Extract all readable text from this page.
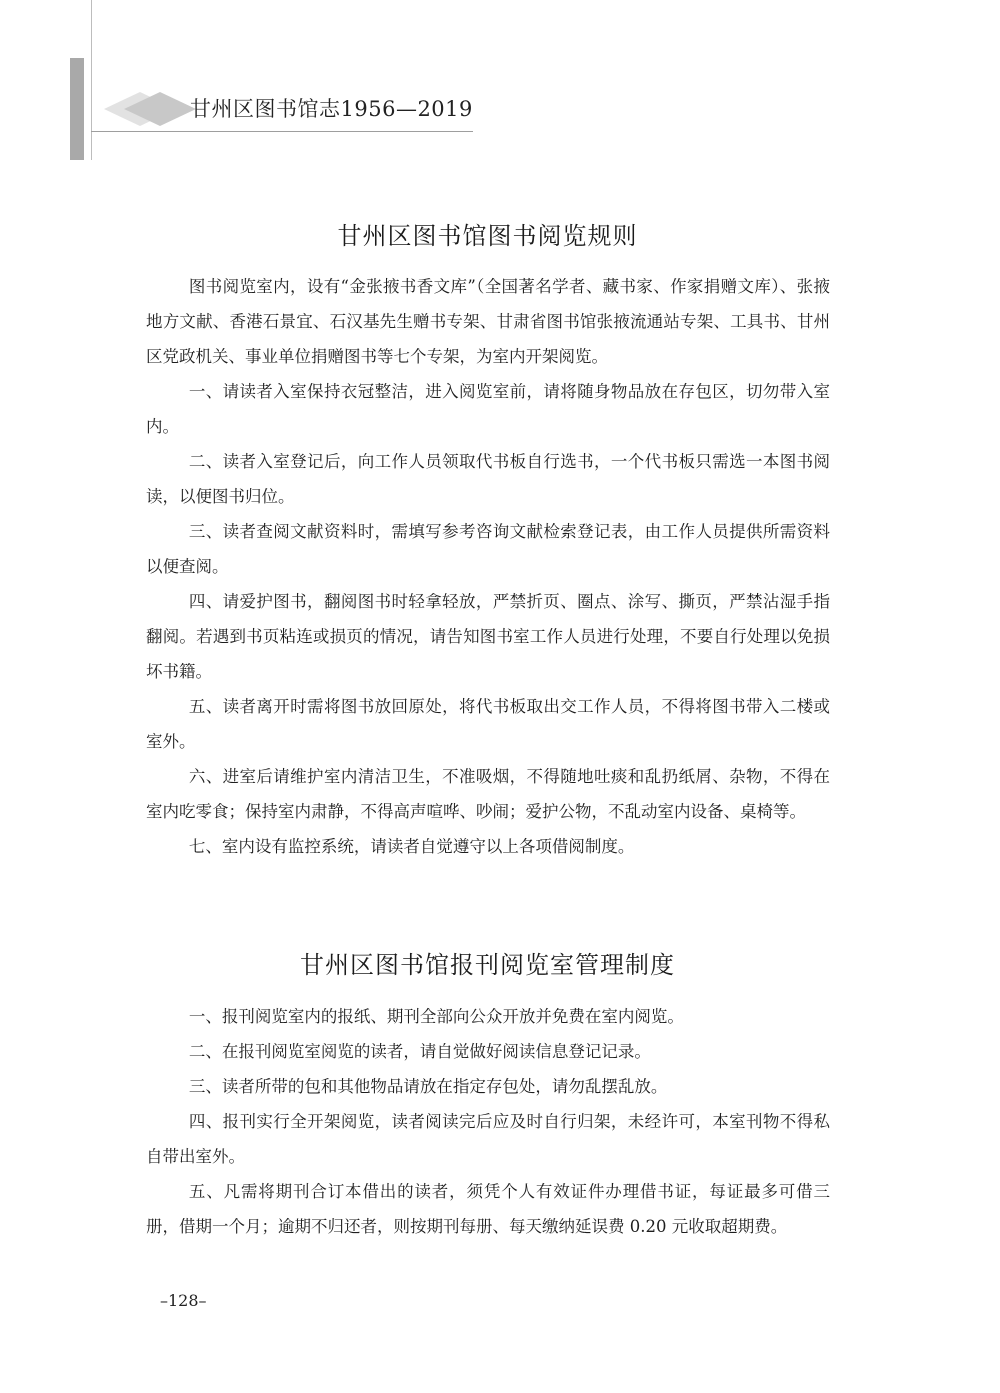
甘州区图书馆志1956—2019
甘州区图书馆图书阅览规则

图书阅览室内，设有“金张掖书香文库”（全国著名学者、藏书家、作家捐赠文库）、张掖地方文献、香港石景宜、石汉基先生赠书专架、甘肃省图书馆张掖流通站专架、工具书、甘州区党政机关、事业单位捐赠图书等七个专架，为室内开架阅览。

一、请读者入室保持衣冠整洁，进入阅览室前，请将随身物品放在存包区，切勿带入室内。

二、读者入室登记后，向工作人员领取代书板自行选书，一个代书板只需选一本图书阅读，以便图书归位。

三、读者查阅文献资料时，需填写参考咨询文献检索登记表，由工作人员提供所需资料以便查阅。

四、请爱护图书，翻阅图书时轻拿轻放，严禁折页、圈点、涂写、撕页，严禁沾湿手指翻阅。若遇到书页粘连或损页的情况，请告知图书室工作人员进行处理，不要自行处理以免损坏书籍。

五、读者离开时需将图书放回原处，将代书板取出交工作人员，不得将图书带入二楼或室外。

六、进室后请维护室内清洁卫生，不准吸烟，不得随地吐痰和乱扔纸屑、杂物，不得在室内吃零食；保持室内肃静，不得高声喧哗、吵闹；爱护公物，不乱动室内设备、桌椅等。

七、室内设有监控系统，请读者自觉遵守以上各项借阅制度。

甘州区图书馆报刊阅览室管理制度

一、报刊阅览室内的报纸、期刊全部向公众开放并免费在室内阅览。

二、在报刊阅览室阅览的读者，请自觉做好阅读信息登记记录。

三、读者所带的包和其他物品请放在指定存包处，请勿乱摆乱放。

四、报刊实行全开架阅览，读者阅读完后应及时自行归架，未经许可，本室刊物不得私自带出室外。

五、凡需将期刊合订本借出的读者，须凭个人有效证件办理借书证，每证最多可借三册，借期一个月；逾期不归还者，则按期刊每册、每天缴纳延误费 0.20 元收取超期费。

–128–
